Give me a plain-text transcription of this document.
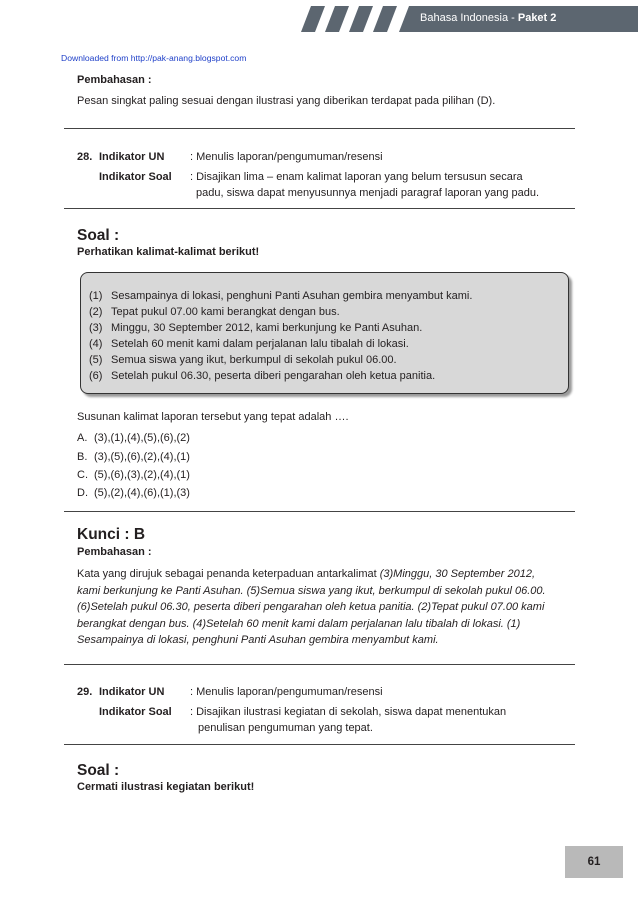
Bahasa Indonesia - Paket 2
Downloaded from http://pak-anang.blogspot.com
Pembahasan :
Pesan singkat paling sesuai dengan ilustrasi yang diberikan terdapat pada pilihan (D).
28. Indikator UN : Menulis laporan/pengumuman/resensi
Indikator Soal : Disajikan lima – enam kalimat laporan yang belum tersusun secara
padu, siswa dapat menyusunnya menjadi paragraf laporan yang padu.
Soal :
Perhatikan kalimat-kalimat berikut!
(1) Sesampainya di lokasi, penghuni Panti Asuhan gembira menyambut kami.
(2) Tepat pukul 07.00 kami berangkat dengan bus.
(3) Minggu, 30 September 2012, kami berkunjung ke Panti Asuhan.
(4) Setelah 60 menit kami dalam perjalanan lalu tibalah di lokasi.
(5) Semua siswa yang ikut, berkumpul di sekolah pukul 06.00.
(6) Setelah pukul 06.30, peserta diberi pengarahan oleh ketua panitia.
Susunan kalimat laporan tersebut yang tepat adalah ….
A. (3),(1),(4),(5),(6),(2)
B. (3),(5),(6),(2),(4),(1)
C. (5),(6),(3),(2),(4),(1)
D. (5),(2),(4),(6),(1),(3)
Kunci : B
Pembahasan :
Kata yang dirujuk sebagai penanda keterpaduan antarkalimat (3)Minggu, 30 September 2012,
kami berkunjung ke Panti Asuhan. (5)Semua siswa yang ikut, berkumpul di sekolah pukul 06.00.
(6)Setelah pukul 06.30, peserta diberi pengarahan oleh ketua panitia. (2)Tepat pukul 07.00 kami
berangkat dengan bus. (4)Setelah 60 menit kami dalam perjalanan lalu tibalah di lokasi. (1)
Sesampainya di lokasi, penghuni Panti Asuhan gembira menyambut kami.
29. Indikator UN : Menulis laporan/pengumuman/resensi
Indikator Soal : Disajikan ilustrasi kegiatan di sekolah, siswa dapat menentukan
penulisan pengumuman yang tepat.
Soal :
Cermati ilustrasi kegiatan berikut!
61
